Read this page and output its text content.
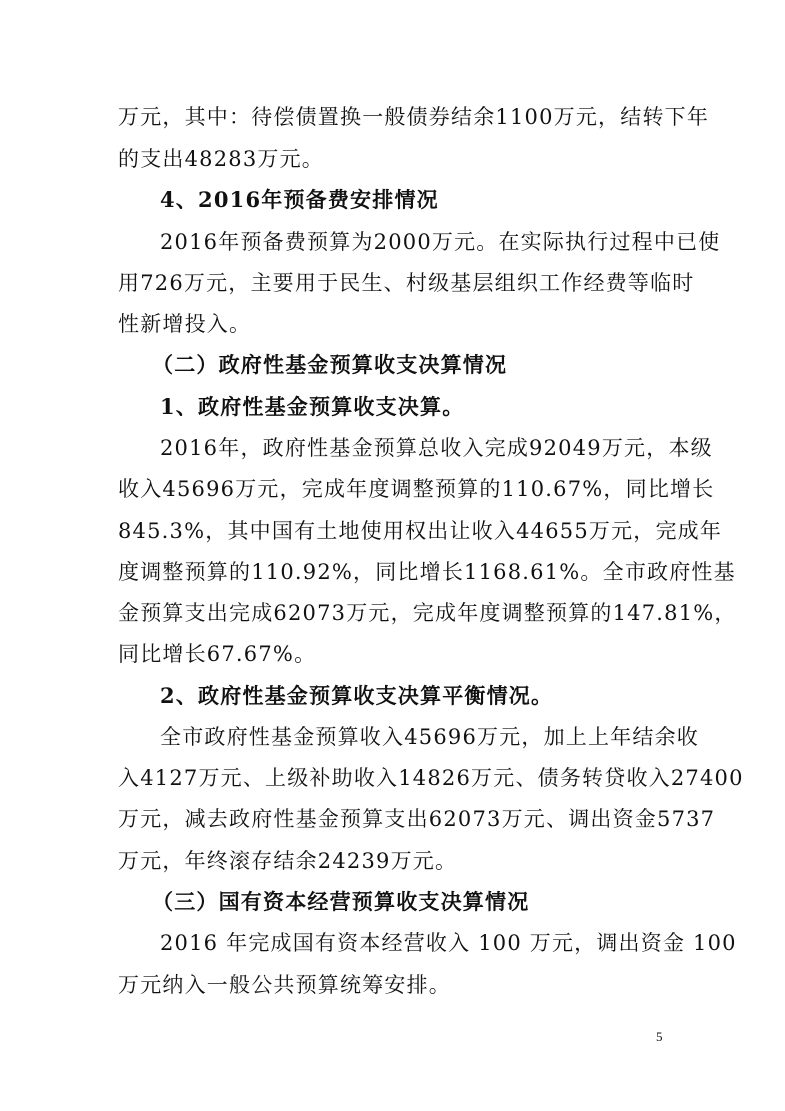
万元，其中：待偿债置换一般债券结余1100万元，结转下年
的支出48283万元。
4、2016年预备费安排情况
2016年预备费预算为2000万元。在实际执行过程中已使
用726万元，主要用于民生、村级基层组织工作经费等临时
性新增投入。
（二）政府性基金预算收支决算情况
1、政府性基金预算收支决算。
2016年，政府性基金预算总收入完成92049万元，本级
收入45696万元，完成年度调整预算的110.67%，同比增长
845.3%，其中国有土地使用权出让收入44655万元，完成年
度调整预算的110.92%，同比增长1168.61%。全市政府性基
金预算支出完成62073万元，完成年度调整预算的147.81%，
同比增长67.67%。
2、政府性基金预算收支决算平衡情况。
全市政府性基金预算收入45696万元，加上上年结余收
入4127万元、上级补助收入14826万元、债务转贷收入27400
万元，减去政府性基金预算支出62073万元、调出资金5737
万元，年终滚存结余24239万元。
（三）国有资本经营预算收支决算情况
2016 年完成国有资本经营收入 100 万元，调出资金 100
万元纳入一般公共预算统筹安排。
5
